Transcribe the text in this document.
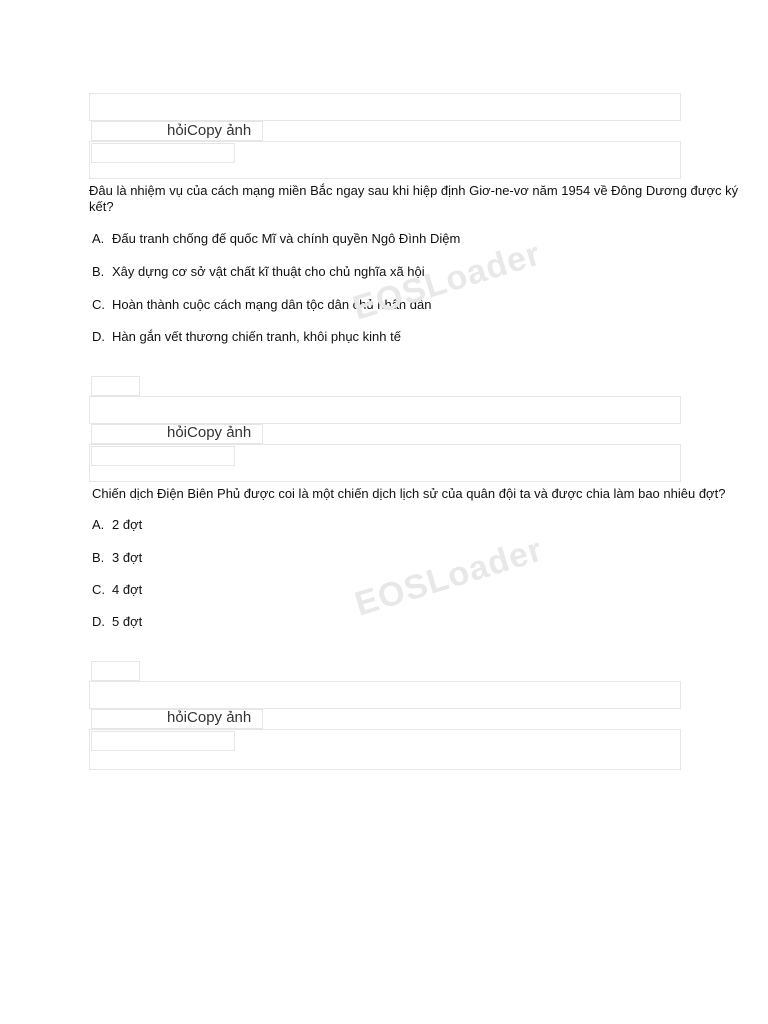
hỏiCopy ảnh
Đâu là nhiệm vụ của cách mạng miền Bắc ngay sau khi hiệp định Giơ-ne-vơ năm 1954 về Đông Dương được ký kết?
A. Đấu tranh chống đế quốc Mĩ và chính quyền Ngô Đình Diệm
B. Xây dựng cơ sở vật chất kĩ thuật cho chủ nghĩa xã hội
C. Hoàn thành cuộc cách mạng dân tộc dân chủ nhân dân
D. Hàn gắn vết thương chiến tranh, khôi phục kinh tế
EOSLoader
hỏiCopy ảnh
Chiến dịch Điện Biên Phủ được coi là một chiến dịch lịch sử của quân đội ta và được chia làm bao nhiêu đợt?
A. 2 đợt
B. 3 đợt
C. 4 đợt
D. 5 đợt	EOSLoader
hỏiCopy ảnh
